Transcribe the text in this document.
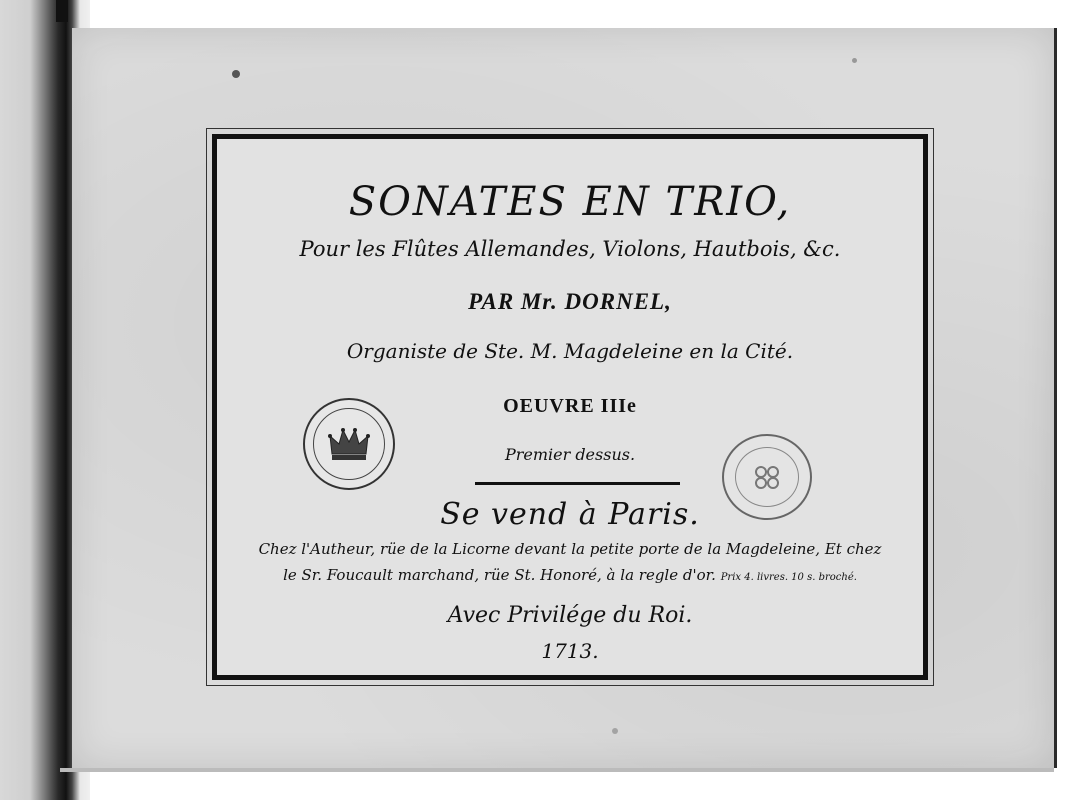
SONATES EN TRIO,
Pour les Flûtes Allemandes, Violons, Hautbois, &c.
PAR Mr. DORNEL,
Organiste de Ste. M. Magdeleine en la Cité.
OEUVRE IIIe
Premier dessus.
Se vend à Paris.
Chez l'Autheur, rüe de la Licorne devant la petite porte de la Magdeleine, Et chez
le Sr. Foucault marchand, rüe St. Honoré, à la regle d'or. Prix 4. livres. 10 s. broché.
Avec Privilége du Roi.
1713.
